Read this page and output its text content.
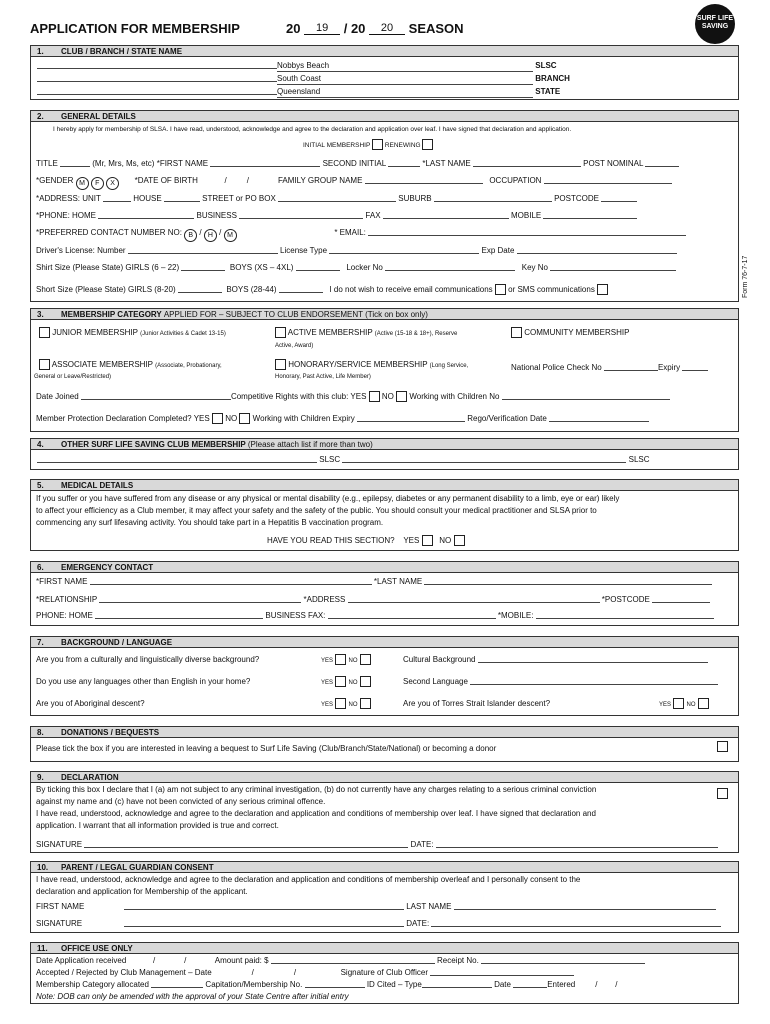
APPLICATION FOR MEMBERSHIP	20 19 / 20 20 SEASON
SURF LIFE SAVING
Form 76-7-17
1. CLUB / BRANCH / STATE NAME
Nobbys Beach	SLSC
South Coast	BRANCH
Queensland	STATE
2. GENERAL DETAILS
I hereby apply for membership of SLSA. I have read, understood, acknowledge and agree to the declaration and application over leaf. I have signed that declaration and application.
INITIAL MEMBERSHIP RENEWING
TITLE	(Mr, Mrs, Ms, etc) *FIRST NAME	SECOND INITIAL	*LAST NAME	POST NOMINAL
*GENDER M F X *DATE OF BIRTH	/	/	FAMILY GROUP NAME	OCCUPATION
*ADDRESS: UNIT	HOUSE	STREET or PO BOX	SUBURB	POSTCODE
*PHONE: HOME	BUSINESS	FAX	MOBILE
*PREFERRED CONTACT NUMBER NO: B / H / M	* EMAIL:
Driver's License: Number	License Type	Exp Date
Shirt Size (Please State) GIRLS (6 – 22)	BOYS (XS – 4XL)	Locker No	Key No
Short Size (Please State) GIRLS (8-20)	BOYS (28-44)	I do not wish to receive email communications or SMS communications
3. MEMBERSHIP CATEGORY APPLIED FOR – SUBJECT TO CLUB ENDORSEMENT (Tick on box only)
JUNIOR MEMBERSHIP (Junior Activities & Cadet 13-15)	ACTIVE MEMBERSHIP (Active (15-18 & 18+), Reserve
Active, Award)
COMMUNITY MEMBERSHIP
ASSOCIATE MEMBERSHIP (Associate, Probationary,
General or Leave/Restricted)
HONORARY/SERVICE MEMBERSHIP (Long Service,
Honorary, Past Active, Life Member)
National Police Check No	Expiry
Date Joined	Competitive Rights with this club: YES NO Working with Children No
Member Protection Declaration Completed? YES NO Working with Children Expiry	Rego/Verification Date
4. OTHER SURF LIFE SAVING CLUB MEMBERSHIP (Please attach list if more than two)
SLSC	SLSC
5. MEDICAL DETAILS
If you suffer or you have suffered from any disease or any physical or mental disability (e.g., epilepsy, diabetes or any permanent disability to a limb, eye or ear) likely
to affect your efficiency as a Club member, it may affect your safety and the safety of the public. You should consult your medical practitioner and SLSA prior to
commencing any surf lifesaving activity. You should take part in a Hepatitis B vaccination program.
HAVE YOU READ THIS SECTION? YES NO
6. EMERGENCY CONTACT
*FIRST NAME	*LAST NAME
*RELATIONSHIP	*ADDRESS	*POSTCODE
PHONE: HOME	BUSINESS FAX:	*MOBILE:
7. BACKGROUND / LANGUAGE
Are you from a culturally and linguistically diverse background?	YES	NO	Cultural Background
Do you use any languages other than English in your home?	YES	NO	Second Language
Are you of Aboriginal descent?	YES	NO	Are you of Torres Strait Islander descent?	YES	NO
8. DONATIONS / BEQUESTS
Please tick the box if you are interested in leaving a bequest to Surf Life Saving (Club/Branch/State/National) or becoming a donor
9. DECLARATION
By ticking this box I declare that I (a) am not subject to any criminal investigation, (b) do not currently have any charges relating to a serious criminal conviction
against my name and (c) have not been convicted of any serious criminal offence.
I have read, understood, acknowledge and agree to the declaration and application and conditions of membership over leaf. I have signed that declaration and
application. I warrant that all information provided is true and correct.
SIGNATURE	DATE:
10. PARENT / LEGAL GUARDIAN CONSENT
I have read, understood, acknowledge and agree to the declaration and application and conditions of membership overleaf and I personally consent to the
declaration and application for Membership of the applicant.
FIRST NAME	LAST NAME
SIGNATURE	DATE:
11. OFFICE USE ONLY
Date Application received            /             /             Amount paid: $	Receipt No.
Accepted / Rejected by Club Management – Date                  /                  /                    Signature of Club Officer
Membership Category allocated	Capitation/Membership No.	ID Cited – Type	Date	Entered         /        /
Note: DOB can only be amended with the approval of your State Centre after initial entry
